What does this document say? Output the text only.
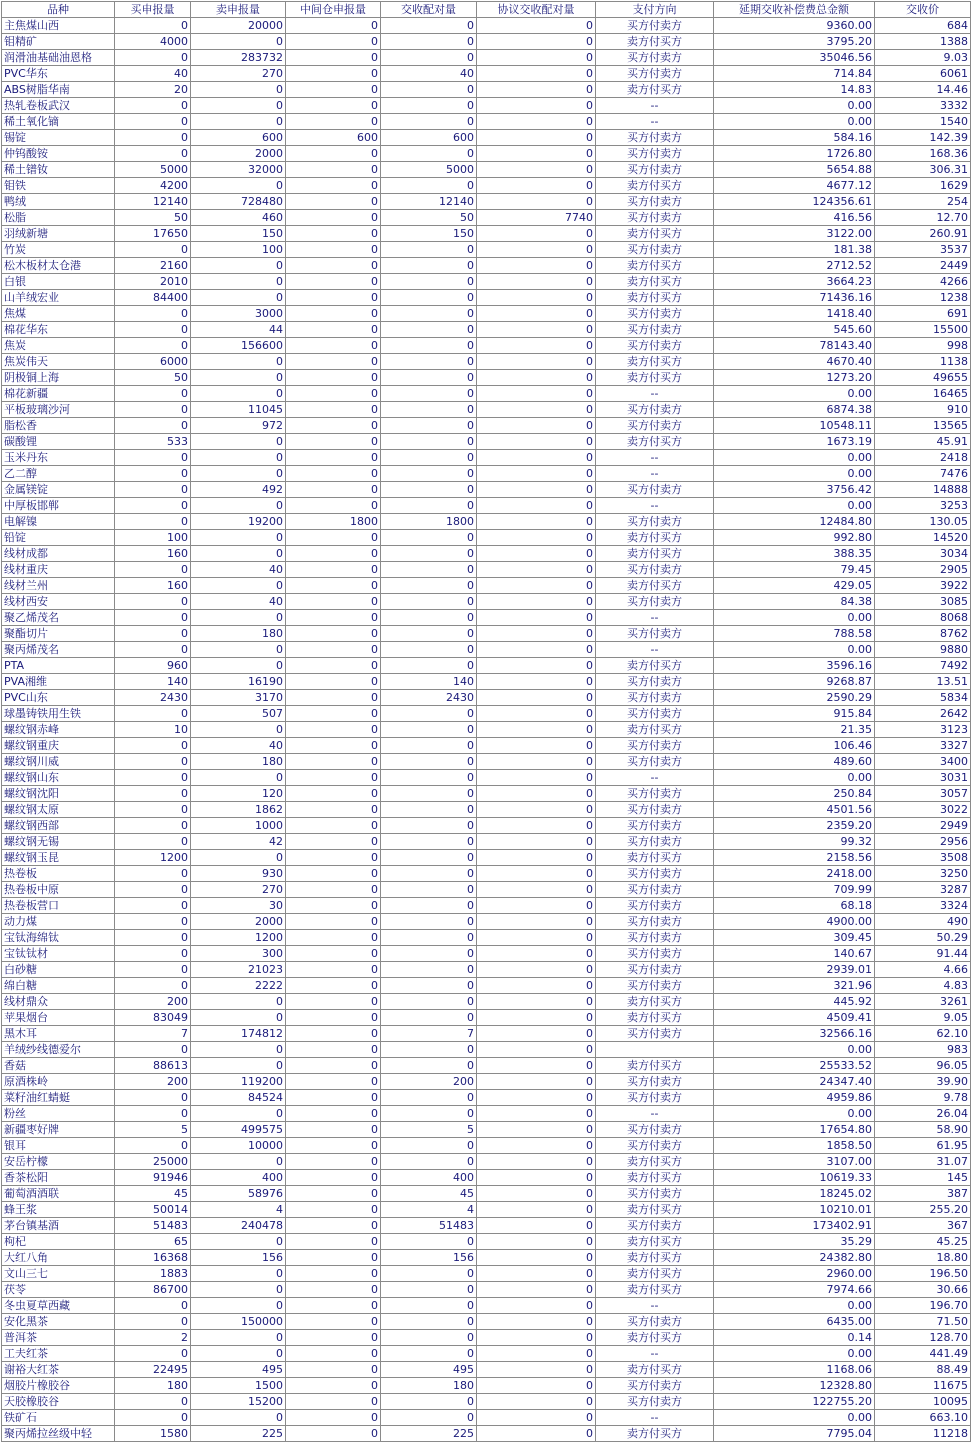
品种	买申报量	卖申报量	中间仓申报量	交收配对量	协议交收配对量	支付方向	延期交收补偿费总金额	交收价
主焦煤山西	0	20000	0	0	0	买方付卖方	9360.00	684
钼精矿	4000	0	0	0	0	卖方付买方	3795.20	1388
润滑油基础油恩格	0	283732	0	0	0	买方付卖方	35046.56	9.03
PVC华东	40	270	0	40	0	买方付卖方	714.84	6061
ABS树脂华南	20	0	0	0	0	卖方付买方	14.83	14.46
热轧卷板武汉	0	0	0	0	0	--	0.00	3332
稀土氧化镝	0	0	0	0	0	--	0.00	1540
锡锭	0	600	600	600	0	买方付卖方	584.16	142.39
仲钨酸铵	0	2000	0	0	0	买方付卖方	1726.80	168.36
稀土镨钕	5000	32000	0	5000	0	买方付卖方	5654.88	306.31
钼铁	4200	0	0	0	0	卖方付买方	4677.12	1629
鸭绒	12140	728480	0	12140	0	买方付卖方	124356.61	254
松脂	50	460	0	50	7740	买方付卖方	416.56	12.70
羽绒新塘	17650	150	0	150	0	卖方付买方	3122.00	260.91
竹炭	0	100	0	0	0	买方付卖方	181.38	3537
松木板材太仓港	2160	0	0	0	0	卖方付买方	2712.52	2449
白银	2010	0	0	0	0	卖方付买方	3664.23	4266
山羊绒宏业	84400	0	0	0	0	卖方付买方	71436.16	1238
焦煤	0	3000	0	0	0	买方付卖方	1418.40	691
棉花华东	0	44	0	0	0	买方付卖方	545.60	15500
焦炭	0	156600	0	0	0	买方付卖方	78143.40	998
焦炭伟天	6000	0	0	0	0	卖方付买方	4670.40	1138
阴极铜上海	50	0	0	0	0	卖方付买方	1273.20	49655
棉花新疆	0	0	0	0	0	--	0.00	16465
平板玻璃沙河	0	11045	0	0	0	买方付卖方	6874.38	910
脂松香	0	972	0	0	0	买方付卖方	10548.11	13565
碳酸锂	533	0	0	0	0	卖方付买方	1673.19	45.91
玉米丹东	0	0	0	0	0	--	0.00	2418
乙二醇	0	0	0	0	0	--	0.00	7476
金属镁锭	0	492	0	0	0	买方付卖方	3756.42	14888
中厚板邯郸	0	0	0	0	0	--	0.00	3253
电解镍	0	19200	1800	1800	0	买方付卖方	12484.80	130.05
铅锭	100	0	0	0	0	卖方付买方	992.80	14520
线材成都	160	0	0	0	0	卖方付买方	388.35	3034
线材重庆	0	40	0	0	0	买方付卖方	79.45	2905
线材兰州	160	0	0	0	0	卖方付买方	429.05	3922
线材西安	0	40	0	0	0	买方付卖方	84.38	3085
聚乙烯茂名	0	0	0	0	0	--	0.00	8068
聚酯切片	0	180	0	0	0	买方付卖方	788.58	8762
聚丙烯茂名	0	0	0	0	0	--	0.00	9880
PTA	960	0	0	0	0	卖方付买方	3596.16	7492
PVA湘维	140	16190	0	140	0	买方付卖方	9268.87	13.51
PVC山东	2430	3170	0	2430	0	买方付卖方	2590.29	5834
球墨铸铁用生铁	0	507	0	0	0	买方付卖方	915.84	2642
螺纹钢赤峰	10	0	0	0	0	卖方付买方	21.35	3123
螺纹钢重庆	0	40	0	0	0	买方付卖方	106.46	3327
螺纹钢川威	0	180	0	0	0	买方付卖方	489.60	3400
螺纹钢山东	0	0	0	0	0	--	0.00	3031
螺纹钢沈阳	0	120	0	0	0	买方付卖方	250.84	3057
螺纹钢太原	0	1862	0	0	0	买方付卖方	4501.56	3022
螺纹钢西部	0	1000	0	0	0	买方付卖方	2359.20	2949
螺纹钢无锡	0	42	0	0	0	买方付卖方	99.32	2956
螺纹钢玉昆	1200	0	0	0	0	卖方付买方	2158.56	3508
热卷板	0	930	0	0	0	买方付卖方	2418.00	3250
热卷板中原	0	270	0	0	0	买方付卖方	709.99	3287
热卷板营口	0	30	0	0	0	买方付卖方	68.18	3324
动力煤	0	2000	0	0	0	买方付卖方	4900.00	490
宝钛海绵钛	0	1200	0	0	0	买方付卖方	309.45	50.29
宝钛钛材	0	300	0	0	0	买方付卖方	140.67	91.44
白砂糖	0	21023	0	0	0	买方付卖方	2939.01	4.66
绵白糖	0	2222	0	0	0	买方付卖方	321.96	4.83
线材鼎众	200	0	0	0	0	卖方付买方	445.92	3261
苹果烟台	83049	0	0	0	0	卖方付买方	4509.41	9.05
黑木耳	7	174812	0	7	0	买方付卖方	32566.16	62.10
羊绒纱线德爱尔	0	0	0	0	0		0.00	983
香菇	88613	0	0	0	0	卖方付买方	25533.52	96.05
原酒株岭	200	119200	0	200	0	买方付卖方	24347.40	39.90
菜籽油红蜻蜓	0	84524	0	0	0	买方付卖方	4959.86	9.78
粉丝	0	0	0	0	0	--	0.00	26.04
新疆枣好牌	5	499575	0	5	0	买方付卖方	17654.80	58.90
银耳	0	10000	0	0	0	买方付卖方	1858.50	61.95
安岳柠檬	25000	0	0	0	0	卖方付买方	3107.00	31.07
香茶松阳	91946	400	0	400	0	卖方付买方	10619.33	145
葡萄酒酒联	45	58976	0	45	0	买方付卖方	18245.02	387
蜂王浆	50014	4	0	4	0	卖方付买方	10210.01	255.20
茅台镇基酒	51483	240478	0	51483	0	买方付卖方	173402.91	367
枸杞	65	0	0	0	0	卖方付买方	35.29	45.25
大红八角	16368	156	0	156	0	卖方付买方	24382.80	18.80
文山三七	1883	0	0	0	0	卖方付买方	2960.00	196.50
茯苓	86700	0	0	0	0	卖方付买方	7974.66	30.66
冬虫夏草西藏	0	0	0	0	0	--	0.00	196.70
安化黑茶	0	150000	0	0	0	买方付卖方	6435.00	71.50
普洱茶	2	0	0	0	0	卖方付买方	0.14	128.70
工夫红茶	0	0	0	0	0	--	0.00	441.49
谢裕大红茶	22495	495	0	495	0	卖方付买方	1168.06	88.49
烟胶片橡胶谷	180	1500	0	180	0	买方付卖方	12328.80	11675
天胶橡胶谷	0	15200	0	0	0	买方付卖方	122755.20	10095
铁矿石	0	0	0	0	0	--	0.00	663.10
聚丙烯拉丝级中轻	1580	225	0	225	0	卖方付买方	7795.04	11218
